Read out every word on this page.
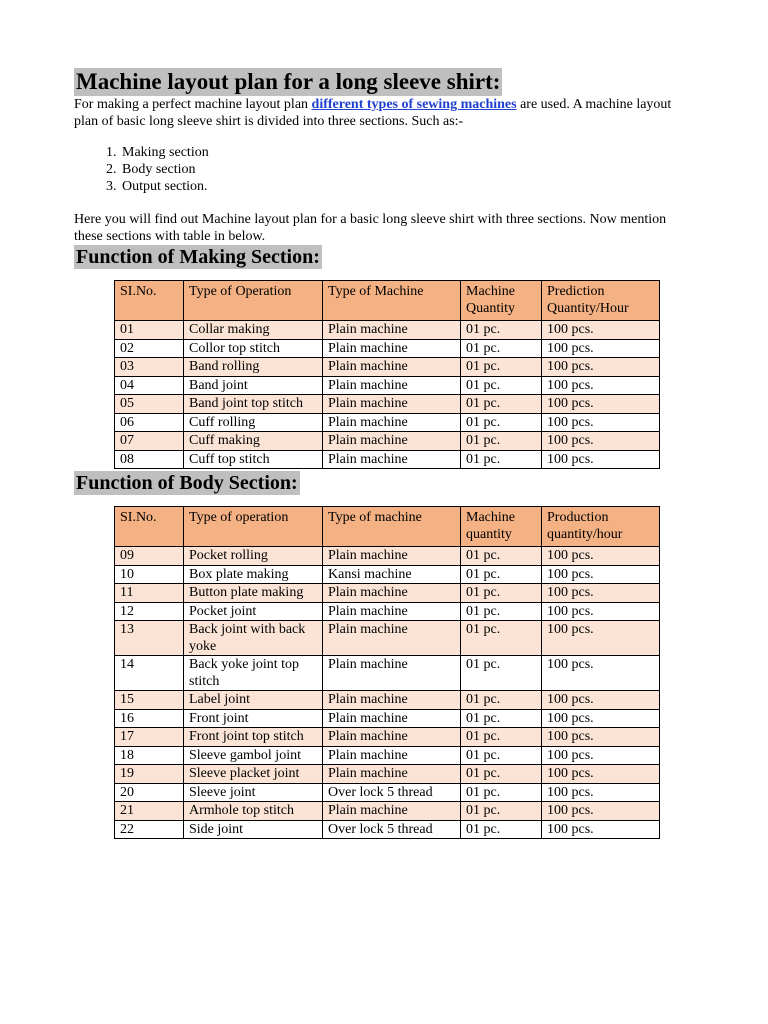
Machine layout plan for a long sleeve shirt:

For making a perfect machine layout plan different types of sewing machines are used. A machine layout plan of basic long sleeve shirt is divided into three sections. Such as:-

1. Making section
2. Body section
3. Output section.

Here you will find out Machine layout plan for a basic long sleeve shirt with three sections. Now mention these sections with table in below.

Function of Making Section:
SI.No.	Type of Operation	Type of Machine	Machine Quantity	Prediction Quantity/Hour
01	Collar making	Plain machine	01 pc.	100 pcs.
02	Collor top stitch	Plain machine	01 pc.	100 pcs.
03	Band rolling	Plain machine	01 pc.	100 pcs.
04	Band joint	Plain machine	01 pc.	100 pcs.
05	Band joint top stitch	Plain machine	01 pc.	100 pcs.
06	Cuff rolling	Plain machine	01 pc.	100 pcs.
07	Cuff making	Plain machine	01 pc.	100 pcs.
08	Cuff top stitch	Plain machine	01 pc.	100 pcs.
Function of Body Section:
SI.No.	Type of operation	Type of machine	Machine quantity	Production quantity/hour
09	Pocket rolling	Plain machine	01 pc.	100 pcs.
10	Box plate making	Kansi machine	01 pc.	100 pcs.
11	Button plate making	Plain machine	01 pc.	100 pcs.
12	Pocket joint	Plain machine	01 pc.	100 pcs.
13	Back joint with back yoke	Plain machine	01 pc.	100 pcs.
14	Back yoke joint top stitch	Plain machine	01 pc.	100 pcs.
15	Label joint	Plain machine	01 pc.	100 pcs.
16	Front joint	Plain machine	01 pc.	100 pcs.
17	Front joint top stitch	Plain machine	01 pc.	100 pcs.
18	Sleeve gambol joint	Plain machine	01 pc.	100 pcs.
19	Sleeve placket joint	Plain machine	01 pc.	100 pcs.
20	Sleeve joint	Over lock 5 thread	01 pc.	100 pcs.
21	Armhole top stitch	Plain machine	01 pc.	100 pcs.
22	Side joint	Over lock 5 thread	01 pc.	100 pcs.
